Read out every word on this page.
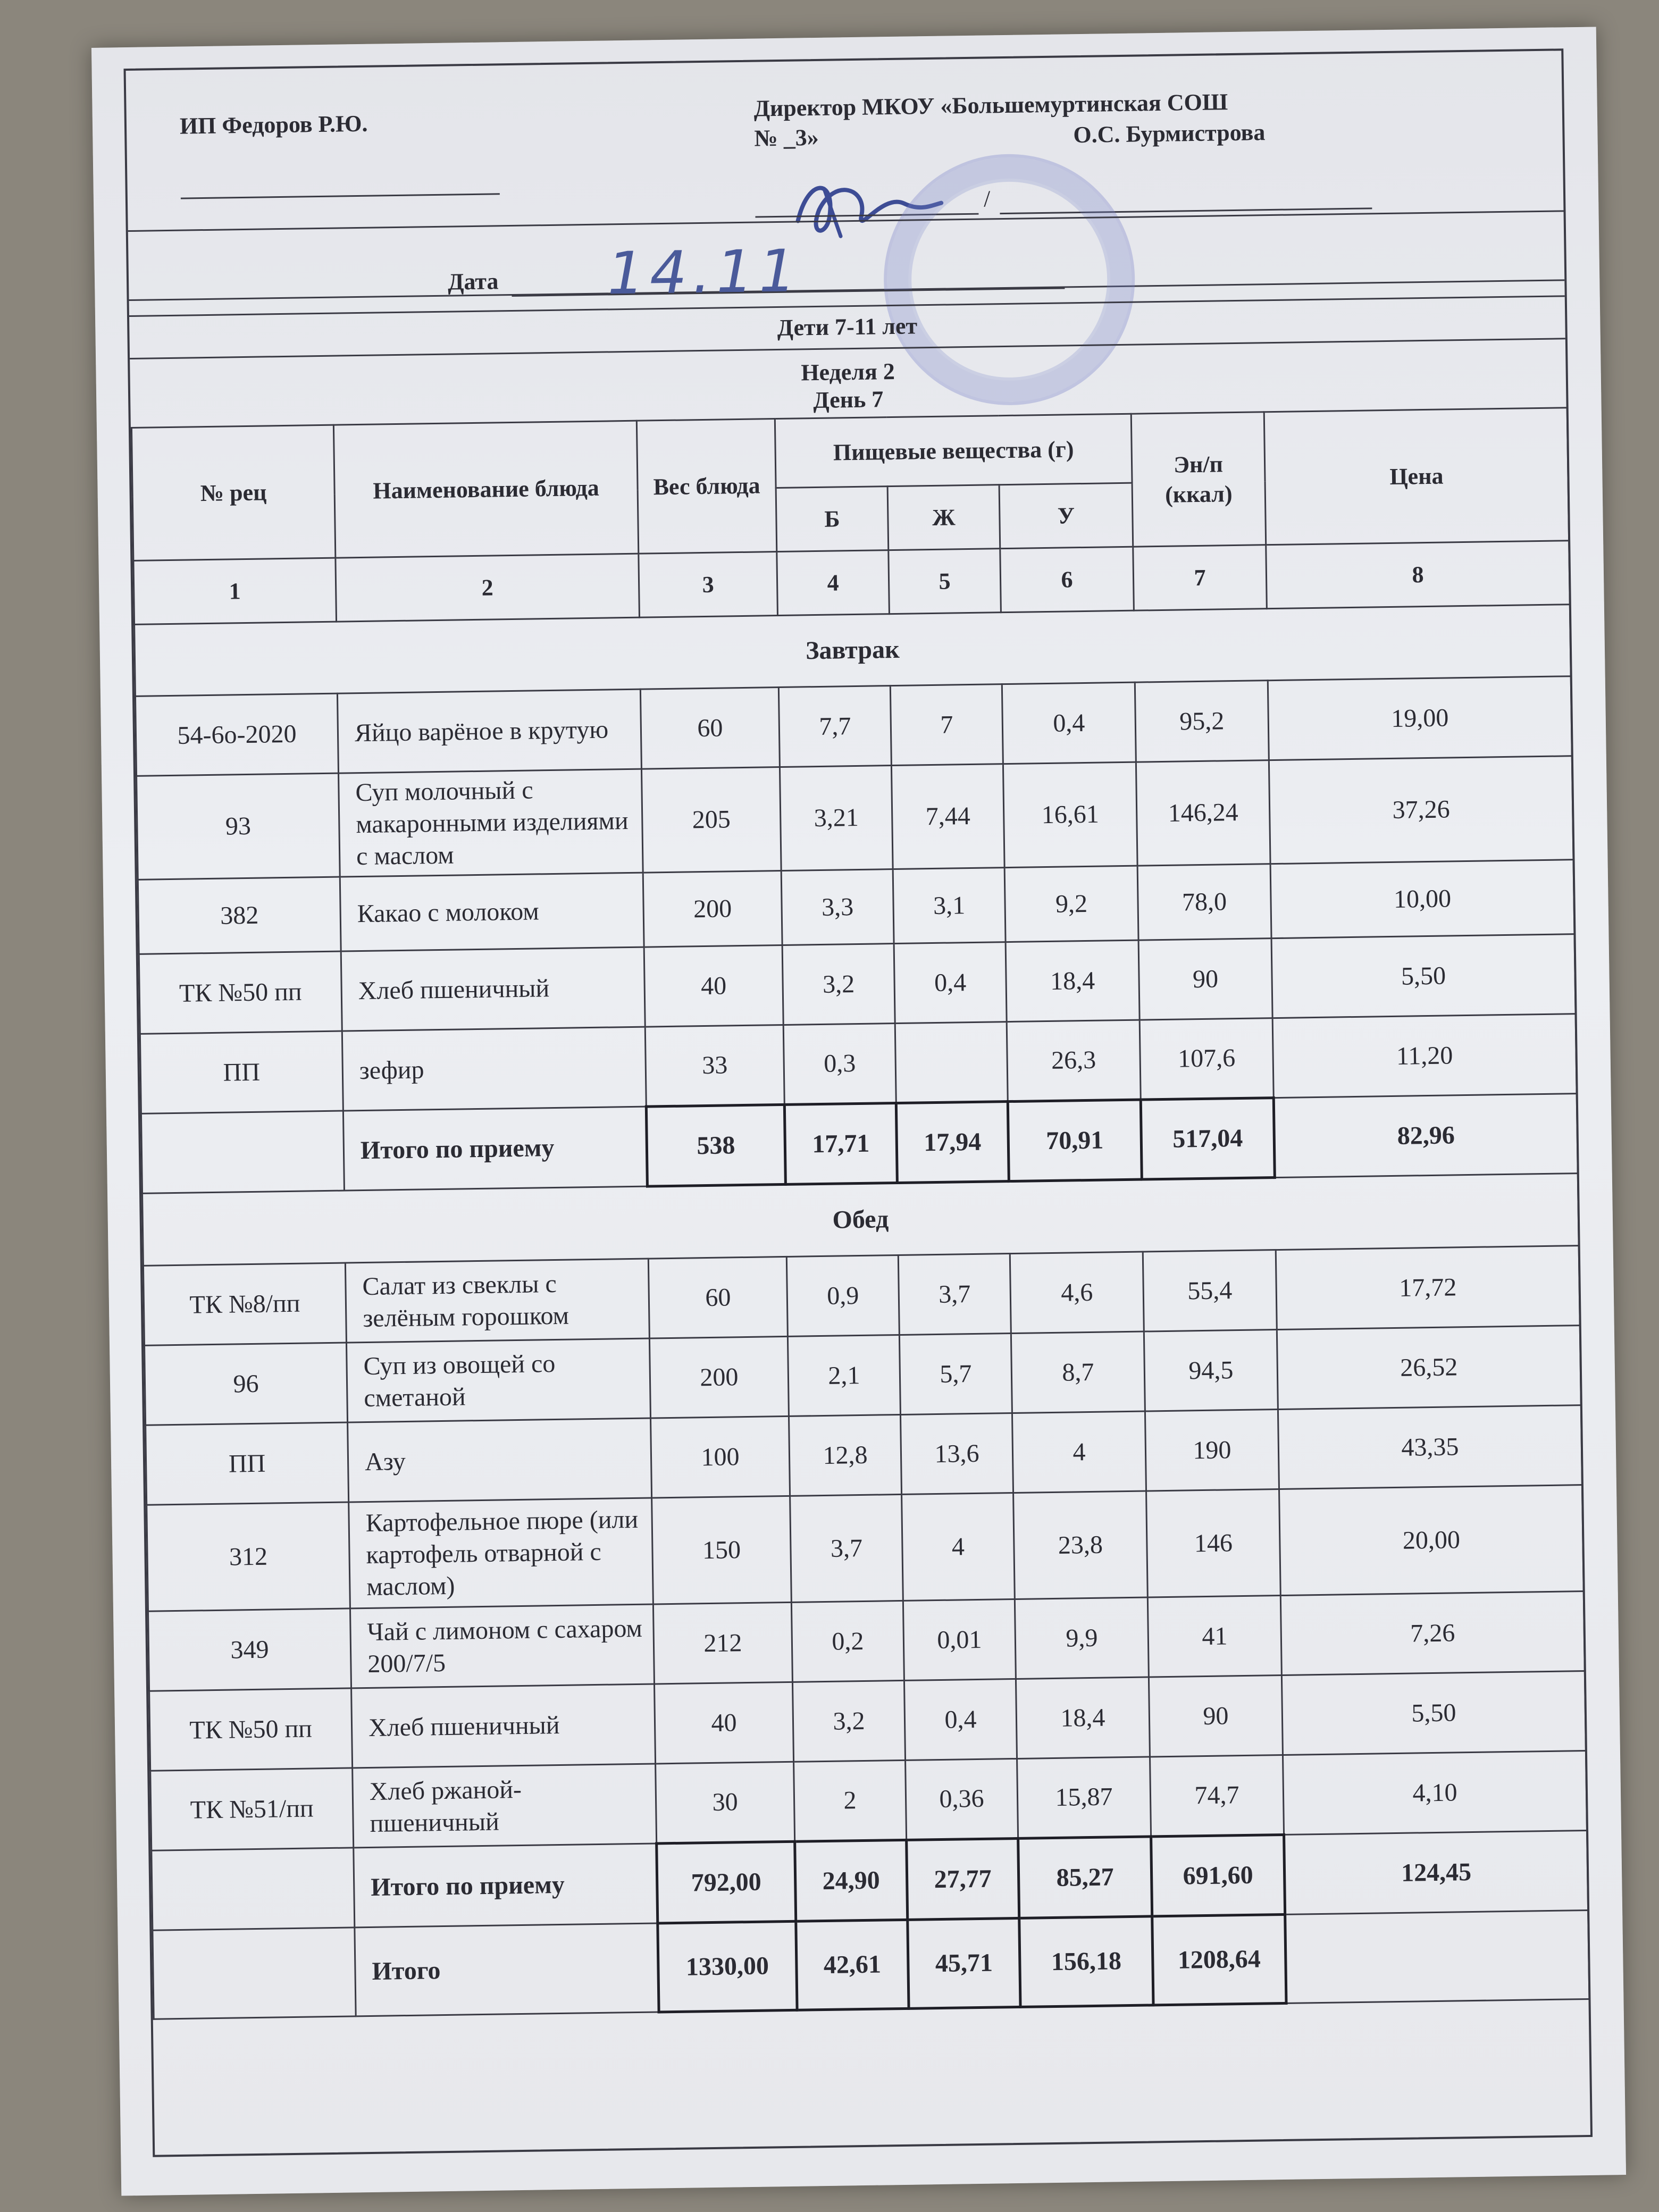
ИП Федоров Р.Ю.
Директор МКОУ «Большемуртинская СОШ
№ _3»	О.С. Бурмистрова
/
Дата 14.11
Дети 7-11 лет
Неделя 2
День 7
№ рец	Наименование блюда	Вес блюда	Пищевые вещества (г)			Эн/п (ккал)	Цена
			Б	Ж	У		
1	2	3	4	5	6	7	8
Завтрак							
54-6о-2020	Яйцо варёное в крутую	60	7,7	7	0,4	95,2	19,00
93	Суп молочный с макаронными изделиями с маслом	205	3,21	7,44	16,61	146,24	37,26
382	Какао с молоком	200	3,3	3,1	9,2	78,0	10,00
ТК №50 пп	Хлеб пшеничный	40	3,2	0,4	18,4	90	5,50
ПП	зефир	33	0,3		26,3	107,6	11,20
	Итого по приему	538	17,71	17,94	70,91	517,04	82,96
Обед							
ТК №8/пп	Салат из свеклы с зелёным горошком	60	0,9	3,7	4,6	55,4	17,72
96	Суп из овощей со сметаной	200	2,1	5,7	8,7	94,5	26,52
ПП	Азу	100	12,8	13,6	4	190	43,35
312	Картофельное пюре (или картофель отварной с маслом)	150	3,7	4	23,8	146	20,00
349	Чай с лимоном с сахаром 200/7/5	212	0,2	0,01	9,9	41	7,26
ТК №50 пп	Хлеб пшеничный	40	3,2	0,4	18,4	90	5,50
ТК №51/пп	Хлеб ржаной-пшеничный	30	2	0,36	15,87	74,7	4,10
	Итого по приему	792,00	24,90	27,77	85,27	691,60	124,45
	Итого	1330,00	42,61	45,71	156,18	1208,64	
